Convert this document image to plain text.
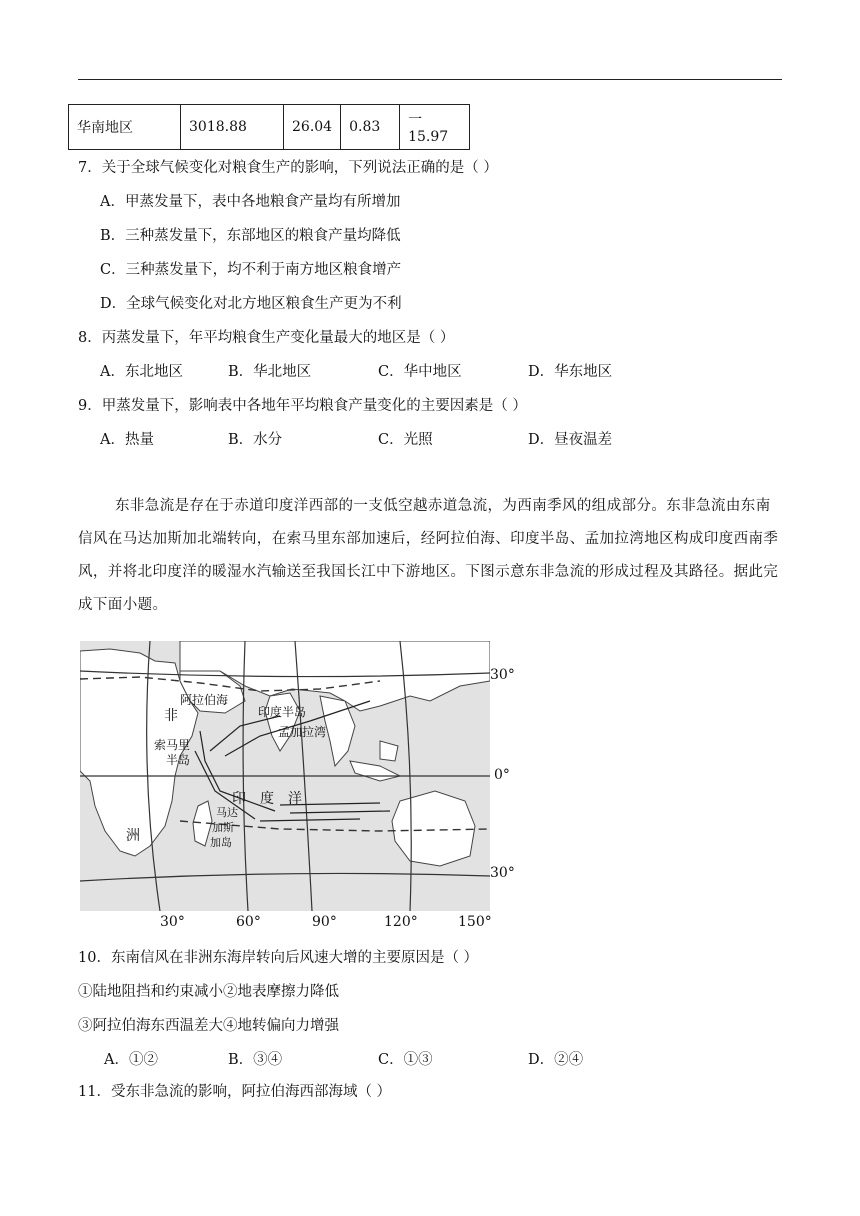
华南地区	3018.88	26.04	0.83	一 15.97
7．关于全球气候变化对粮食生产的影响，下列说法正确的是（ ）
A．甲蒸发量下，表中各地粮食产量均有所增加
B．三种蒸发量下，东部地区的粮食产量均降低
C．三种蒸发量下，均不利于南方地区粮食增产
D．全球气候变化对北方地区粮食生产更为不利
8．丙蒸发量下，年平均粮食生产变化量最大的地区是（ ）
A．东北地区	B．华北地区	C．华中地区	D．华东地区
9．甲蒸发量下，影响表中各地年平均粮食产量变化的主要因素是（ ）
A．热量	B．水分	C．光照	D．昼夜温差
东非急流是存在于赤道印度洋西部的一支低空越赤道急流，为西南季风的组成部分。东非急流由东南信风在马达加斯加北端转向，在索马里东部加速后，经阿拉伯海、印度半岛、孟加拉湾地区构成印度西南季风，并将北印度洋的暖湿水汽输送至我国长江中下游地区。下图示意东非急流的形成过程及其路径。据此完成下面小题。
30°
0°
30°
非
洲
阿拉伯海
印度半岛
孟加拉湾
索马里
半岛
印　度　洋
马达
加斯
加岛
30°	60°	90°	120°	150°
10．东南信风在非洲东海岸转向后风速大增的主要原因是（ ）
①陆地阻挡和约束减小②地表摩擦力降低
③阿拉伯海东西温差大④地转偏向力增强
A．①②	B．③④	C．①③	D．②④
11．受东非急流的影响，阿拉伯海西部海域（ ）
